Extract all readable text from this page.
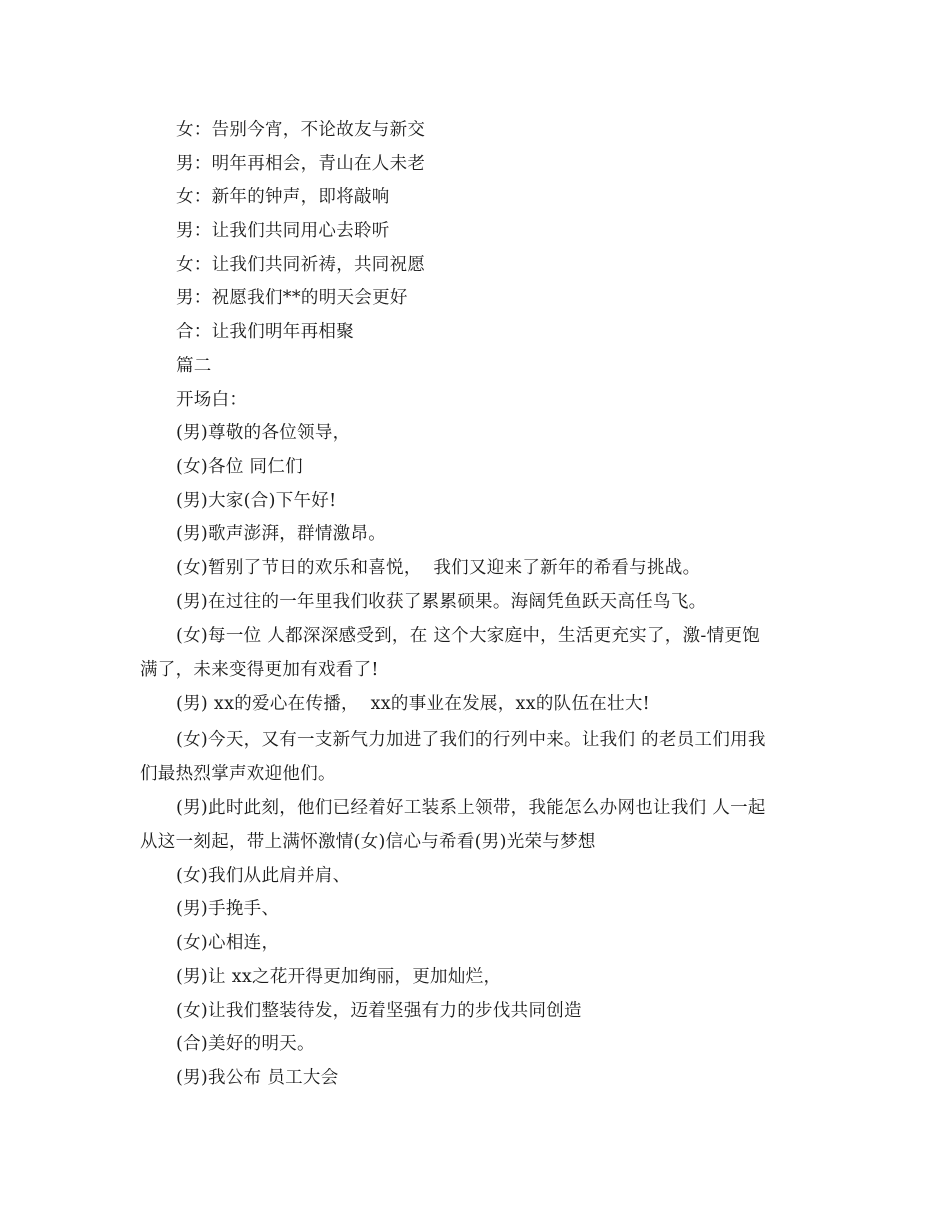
女：告别今宵，不论故友与新交
男：明年再相会，青山在人未老
女：新年的钟声，即将敲响
男：让我们共同用心去聆听
女：让我们共同祈祷，共同祝愿
男：祝愿我们**的明天会更好
合：让我们明年再相聚
篇二
开场白：
(男)尊敬的各位领导，
(女)各位 同仁们
(男)大家(合)下午好!
(男)歌声澎湃，群情激昂。
(女)暂别了节日的欢乐和喜悦，  我们又迎来了新年的希看与挑战。
(男)在过往的一年里我们收获了累累硕果。海阔凭鱼跃天高任鸟飞。
(女)每一位 人都深深感受到，在 这个大家庭中，生活更充实了，激-情更饱
满了，未来变得更加有戏看了!
(男) xx的爱心在传播，  xx的事业在发展，xx的队伍在壮大!
(女)今天，又有一支新气力加进了我们的行列中来。让我们 的老员工们用我
们最热烈掌声欢迎他们。
(男)此时此刻，他们已经着好工装系上领带，我能怎么办网也让我们 人一起
从这一刻起，带上满怀激情(女)信心与希看(男)光荣与梦想
(女)我们从此肩并肩、
(男)手挽手、
(女)心相连，
(男)让 xx之花开得更加绚丽，更加灿烂，
(女)让我们整装待发，迈着坚强有力的步伐共同创造
(合)美好的明天。
(男)我公布 员工大会
